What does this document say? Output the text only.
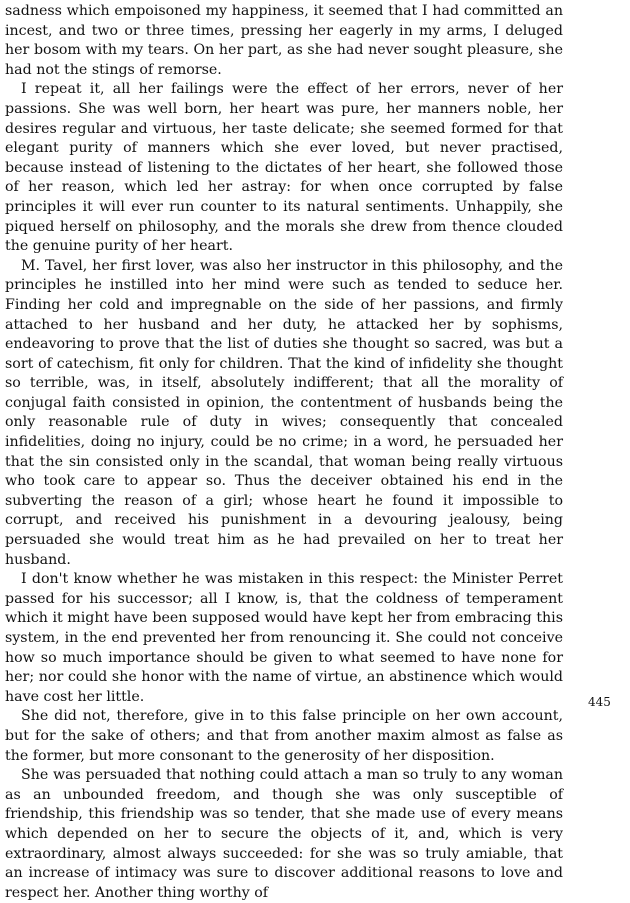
sadness which empoisoned my happiness, it seemed that I had committed an incest, and two or three times, pressing her eagerly in my arms, I deluged her bosom with my tears. On her part, as she had never sought pleasure, she had not the stings of remorse.

I repeat it, all her failings were the effect of her errors, never of her passions. She was well born, her heart was pure, her manners noble, her desires regular and virtuous, her taste delicate; she seemed formed for that elegant purity of manners which she ever loved, but never practised, because instead of listening to the dictates of her heart, she followed those of her reason, which led her astray: for when once corrupted by false principles it will ever run counter to its natural sentiments. Unhappily, she piqued herself on philosophy, and the morals she drew from thence clouded the genuine purity of her heart.

M. Tavel, her first lover, was also her instructor in this philosophy, and the principles he instilled into her mind were such as tended to seduce her. Finding her cold and impregnable on the side of her passions, and firmly attached to her husband and her duty, he attacked her by sophisms, endeavoring to prove that the list of duties she thought so sacred, was but a sort of catechism, fit only for children. That the kind of infidelity she thought so terrible, was, in itself, absolutely indifferent; that all the morality of conjugal faith consisted in opinion, the contentment of husbands being the only reasonable rule of duty in wives; consequently that concealed infidelities, doing no injury, could be no crime; in a word, he persuaded her that the sin consisted only in the scandal, that woman being really virtuous who took care to appear so. Thus the deceiver obtained his end in the subverting the reason of a girl; whose heart he found it impossible to corrupt, and received his punishment in a devouring jealousy, being persuaded she would treat him as he had prevailed on her to treat her husband.

I don't know whether he was mistaken in this respect: the Minister Perret passed for his successor; all I know, is, that the coldness of temperament which it might have been supposed would have kept her from embracing this system, in the end prevented her from renouncing it. She could not conceive how so much importance should be given to what seemed to have none for her; nor could she honor with the name of virtue, an abstinence which would have cost her little.

She did not, therefore, give in to this false principle on her own account, but for the sake of others; and that from another maxim almost as false as the former, but more consonant to the generosity of her disposition.

She was persuaded that nothing could attach a man so truly to any woman as an unbounded freedom, and though she was only susceptible of friendship, this friendship was so tender, that she made use of every means which depended on her to secure the objects of it, and, which is very extraordinary, almost always succeeded: for she was so truly amiable, that an increase of intimacy was sure to discover additional reasons to love and respect her. Another thing worthy of

445
